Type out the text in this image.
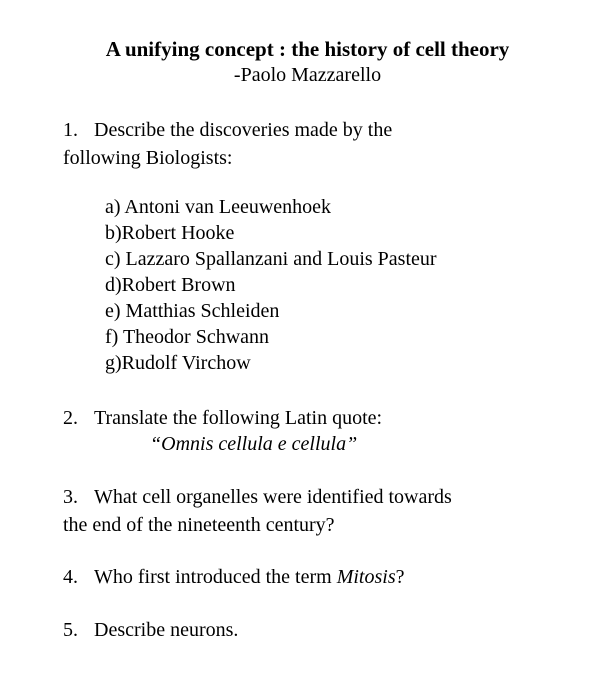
A unifying concept : the history of cell theory
-Paolo Mazzarello
1. Describe the discoveries made by the
following Biologists:
a) Antoni van Leeuwenhoek
b)Robert Hooke
c) Lazzaro Spallanzani and Louis Pasteur
d)Robert Brown
e) Matthias Schleiden
f) Theodor Schwann
g)Rudolf Virchow
2. Translate the following Latin quote:
“Omnis cellula e cellula”
3. What cell organelles were identified towards
the end of the nineteenth century?
4. Who first introduced the term Mitosis?
5. Describe neurons.
